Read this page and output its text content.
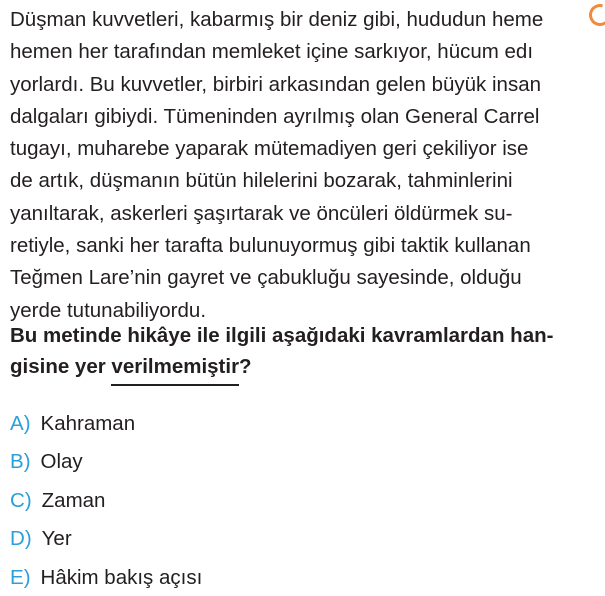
Düşman kuvvetleri, kabarmış bir deniz gibi, hududun heme

hemen her tarafından memleket içine sarkıyor, hücum edı

yorlardı. Bu kuvvetler, birbiri arkasından gelen büyük insan

dalgaları gibiydi. Tümeninden ayrılmış olan General Carrel

tugayı, muharebe yaparak mütemadiyen geri çekiliyor ise

de artık, düşmanın bütün hilelerini bozarak, tahminlerini

yanıltarak, askerleri şaşırtarak ve öncüleri öldürmek su-

retiyle, sanki her tarafta bulunuyormuş gibi taktik kullanan

Teğmen Lare’nin gayret ve çabukluğu sayesinde, olduğu

yerde tutunabiliyordu.

Bu metinde hikâye ile ilgili aşağıdaki kavramlardan han-

gisine yer verilmemiştir?

A) Kahraman

B) Olay

C) Zaman

D) Yer

E) Hâkim bakış açısı
